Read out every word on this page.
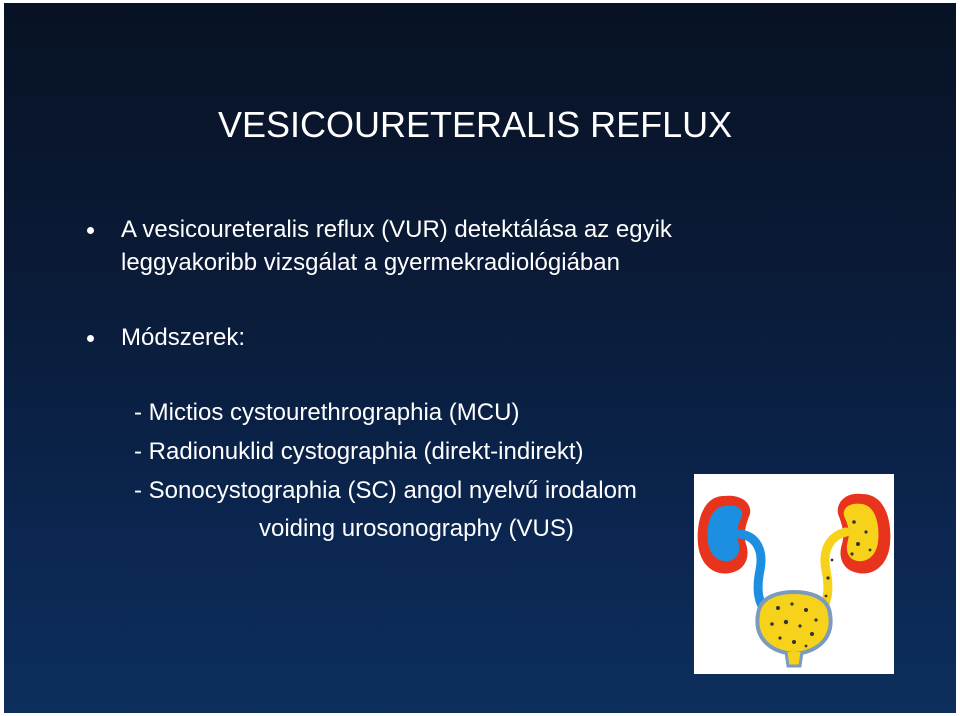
VESICOURETERALIS REFLUX
A vesicoureteralis reflux (VUR) detektálása az egyik
leggyakoribb vizsgálat a gyermekradiológiában
Módszerek:
- Mictios cystourethrographia (MCU)
- Radionuklid cystographia (direkt-indirekt)
- Sonocystographia (SC) angol nyelvű irodalom
voiding urosonography (VUS)
